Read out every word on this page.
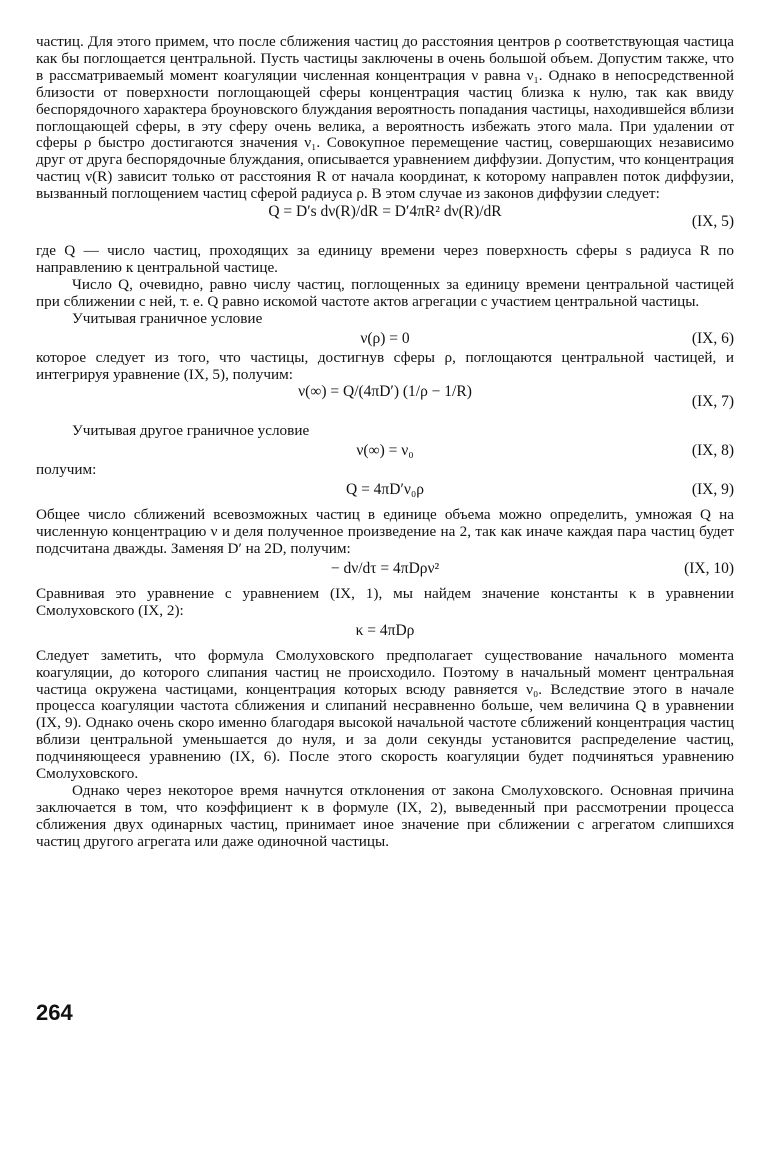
частиц. Для этого примем, что после сближения частиц до расстояния центров ρ соответствующая частица как бы поглощается центральной. Пусть частицы заключены в очень большой объем. Допустим также, что в рассматриваемый момент коагуляции численная концентрация ν равна ν₁. Однако в непосредственной близости от поверхности поглощающей сферы концентрация частиц близка к нулю, так как ввиду беспорядочного характера броуновского блуждания вероятность попадания частицы, находившейся вблизи поглощающей сферы, в эту сферу очень велика, а вероятность избежать этого мала. При удалении от сферы ρ быстро достигаются значения ν₁. Совокупное перемещение частиц, совершающих независимо друг от друга беспорядочные блуждания, описывается уравнением диффузии. Допустим, что концентрация частиц ν(R) зависит только от расстояния R от начала координат, к которому направлен поток диффузии, вызванный поглощением частиц сферой радиуса ρ. В этом случае из законов диффузии следует:

Q = D′s dν(R)/dR = D′4πR² dν(R)/dR
(IX, 5)

где Q — число частиц, проходящих за единицу времени через поверхность сферы s радиуса R по направлению к центральной частице.

Число Q, очевидно, равно числу частиц, поглощенных за единицу времени центральной частицей при сближении с ней, т. е. Q равно искомой частоте актов агрегации с участием центральной частицы.

Учитывая граничное условие

ν(ρ) = 0	(IX, 6)

которое следует из того, что частицы, достигнув сферы ρ, поглощаются центральной частицей, и интегрируя уравнение (IX, 5), получим:

ν(∞) = Q/(4πD′) (1/ρ − 1/R)
(IX, 7)

Учитывая другое граничное условие

ν(∞) = ν₀	(IX, 8)

получим:

Q = 4πD′ν₀ρ	(IX, 9)

Общее число сближений всевозможных частиц в единице объема можно определить, умножая Q на численную концентрацию ν и деля полученное произведение на 2, так как иначе каждая пара частиц будет подсчитана дважды. Заменяя D′ на 2D, получим:

− dν/dτ = 4πDρν²	(IX, 10)

Сравнивая это уравнение с уравнением (IX, 1), мы найдем значение константы κ в уравнении Смолуховского (IX, 2):

κ = 4πDρ

Следует заметить, что формула Смолуховского предполагает существование начального момента коагуляции, до которого слипания частиц не происходило. Поэтому в начальный момент центральная частица окружена частицами, концентрация которых всюду равняется ν₀. Вследствие этого в начале процесса коагуляции частота сближения и слипаний несравненно больше, чем величина Q в уравнении (IX, 9). Однако очень скоро именно благодаря высокой начальной частоте сближений концентрация частиц вблизи центральной уменьшается до нуля, и за доли секунды установится распределение частиц, подчиняющееся уравнению (IX, 6). После этого скорость коагуляции будет подчиняться уравнению Смолуховского.

Однако через некоторое время начнутся отклонения от закона Смолуховского. Основная причина заключается в том, что коэффициент κ в формуле (IX, 2), выведенный при рассмотрении процесса сближения двух одинарных частиц, принимает иное значение при сближении с агрегатом слипшихся частиц другого агрегата или даже одиночной частицы.

264
